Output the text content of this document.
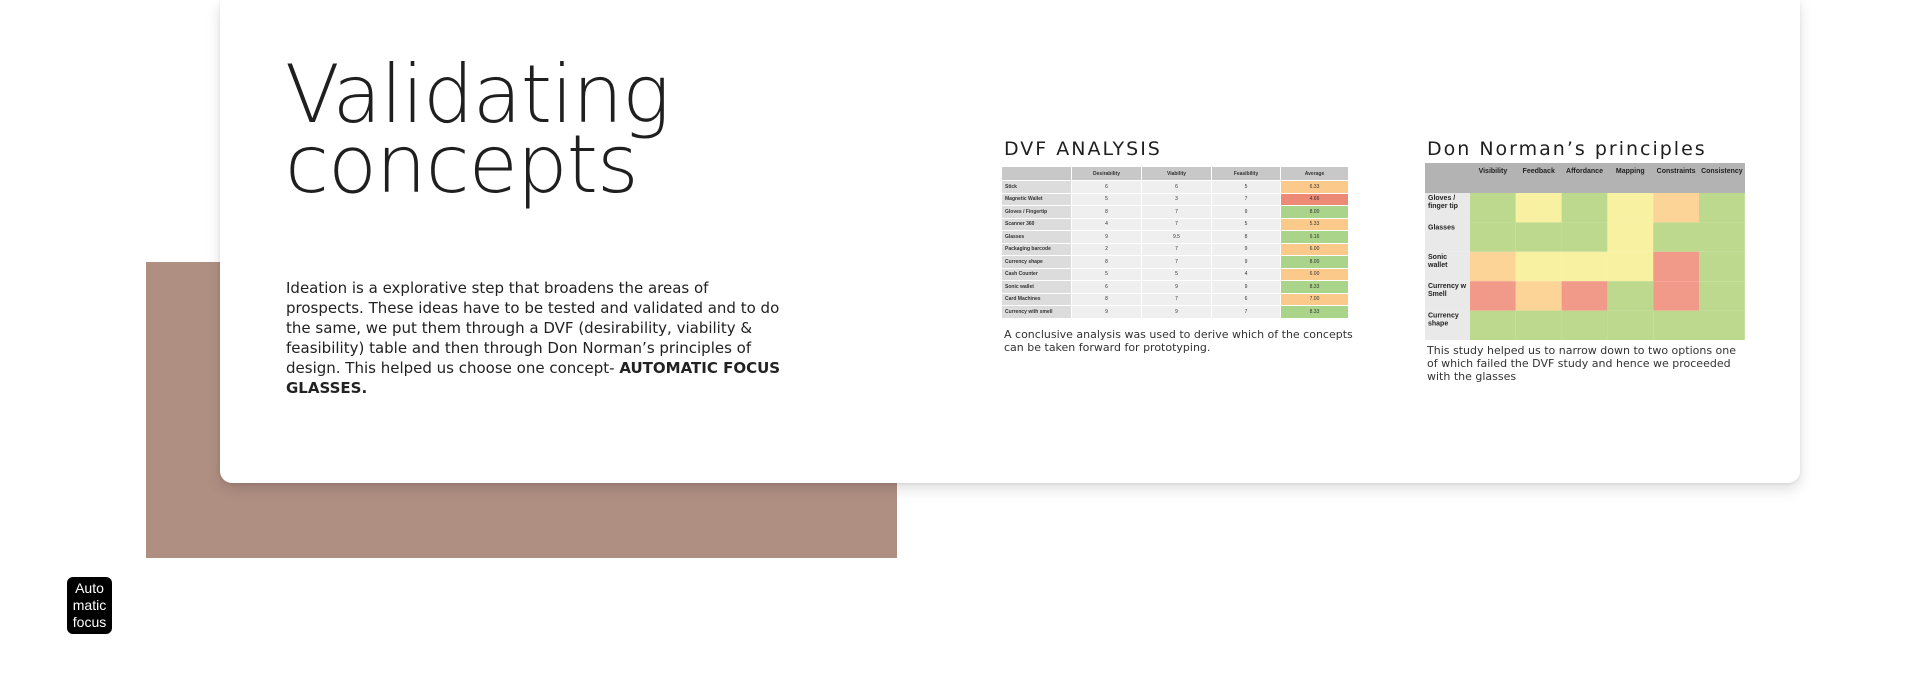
Validating
concepts

Ideation is a explorative step that broadens the areas of prospects. These ideas have to be tested and validated and to do the same, we put them through a DVF (desirability, viability & feasibility) table and then through Don Norman’s principles of design. This helped us choose one concept- AUTOMATIC FOCUS GLASSES.

DVF ANALYSIS
	Desirability	Viability	Feasibility	Average
Stick	6	6	5	6.33
Magnetic Wallet	5	3	7	4.66
Gloves / Fingertip	8	7	9	8.00
Scanner 360	4	7	5	5.33
Glasses	9	9.5	8	9.16
Packaging barcode	2	7	9	6.00
Currency shape	8	7	9	8.00
Cash Counter	5	5	4	6.00
Sonic wallet	6	9	9	8.33
Card Machines	8	7	6	7.00
Currency with smell	9	9	7	8.33

A conclusive analysis was used to derive which of the concepts can be taken forward for prototyping.

Don Norman’s principles
Visibility Feedback Affordance Mapping Constraints Consistency
Gloves /
finger tip
Glasses
Sonic
wallet
Currency w
Smell
Currency
shape

This study helped us to narrow down to two options one of which failed the DVF study and hence we proceeded with the glasses

Auto
matic
focus
